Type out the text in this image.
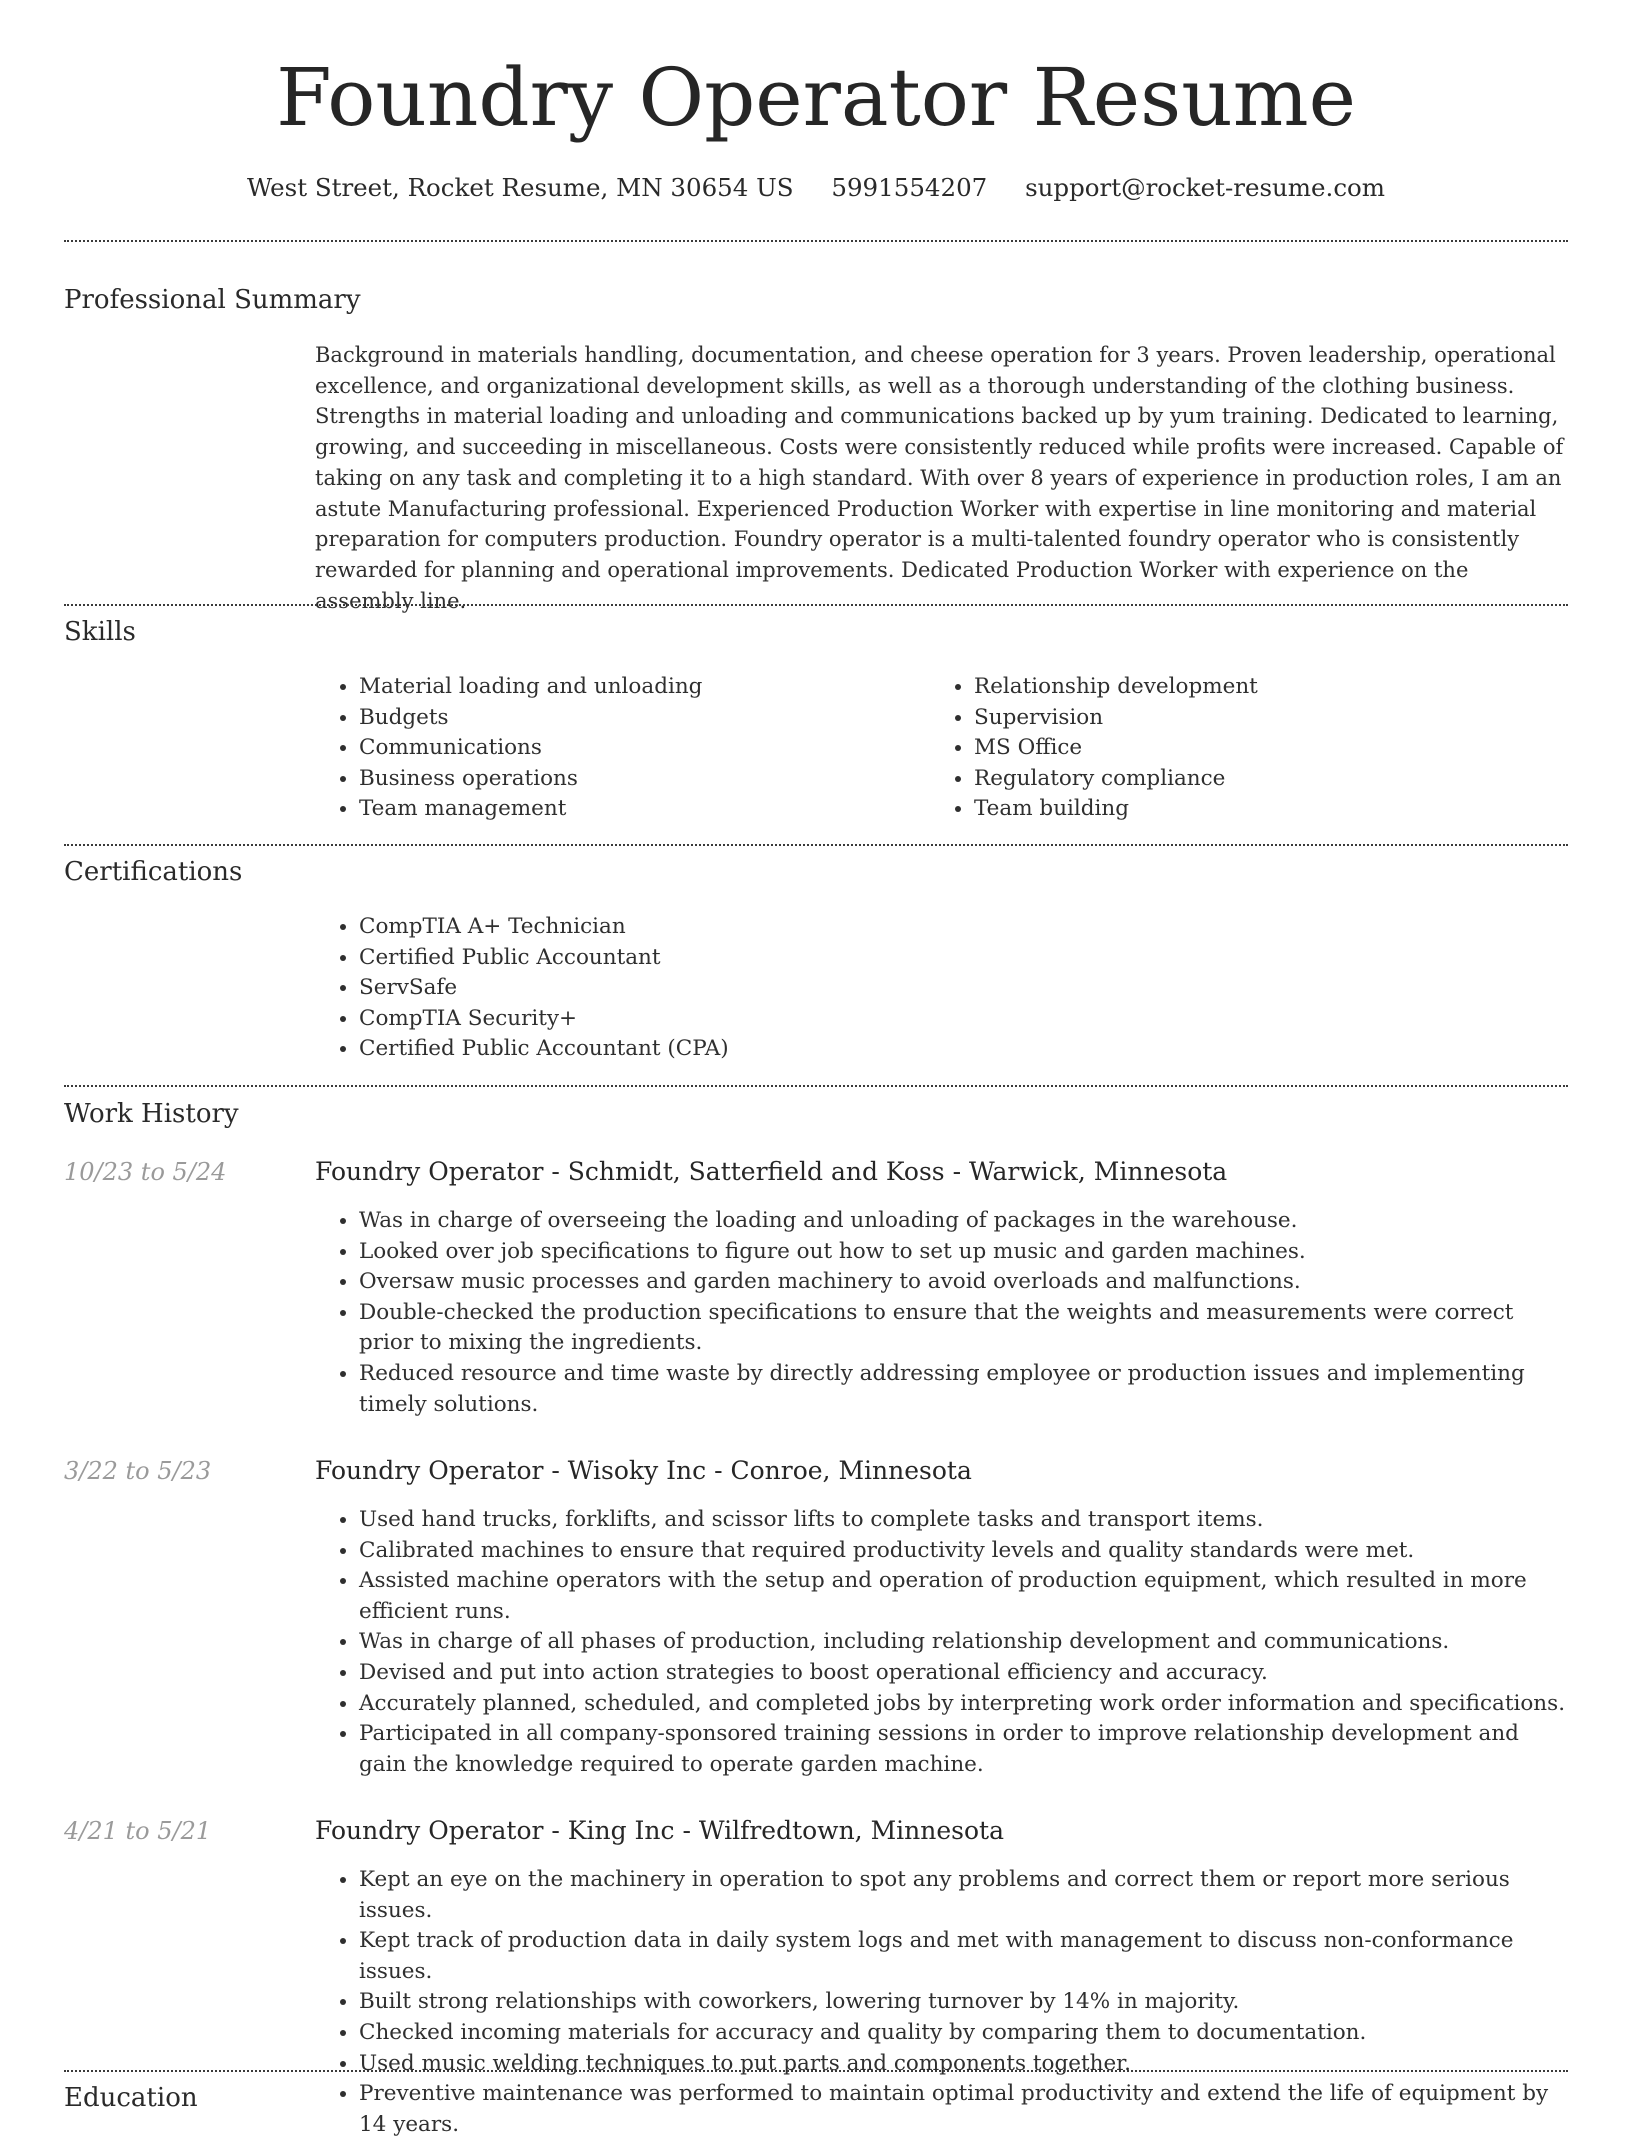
Foundry Operator Resume
West Street, Rocket Resume, MN 30654 US 5991554207 support@rocket-resume.com
Professional Summary

Background in materials handling, documentation, and cheese operation for 3 years. Proven leadership, operational excellence, and organizational development skills, as well as a thorough understanding of the clothing business. Strengths in material loading and unloading and communications backed up by yum training. Dedicated to learning, growing, and succeeding in miscellaneous. Costs were consistently reduced while profits were increased. Capable of taking on any task and completing it to a high standard. With over 8 years of experience in production roles, I am an astute Manufacturing professional. Experienced Production Worker with expertise in line monitoring and material preparation for computers production. Foundry operator is a multi-talented foundry operator who is consistently rewarded for planning and operational improvements. Dedicated Production Worker with experience on the assembly line.

Skills
• Material loading and unloading
• Budgets
• Communications
• Business operations
• Team management
• Relationship development
• Supervision
• MS Office
• Regulatory compliance
• Team building
Certifications
• CompTIA A+ Technician
• Certified Public Accountant
• ServSafe
• CompTIA Security+
• Certified Public Accountant (CPA)
Work History
10/23 to 5/24	Foundry Operator - Schmidt, Satterfield and Koss - Warwick, Minnesota
• Was in charge of overseeing the loading and unloading of packages in the warehouse.
• Looked over job specifications to figure out how to set up music and garden machines.
• Oversaw music processes and garden machinery to avoid overloads and malfunctions.
• Double-checked the production specifications to ensure that the weights and measurements were correct prior to mixing the ingredients.
• Reduced resource and time waste by directly addressing employee or production issues and implementing timely solutions.
3/22 to 5/23	Foundry Operator - Wisoky Inc - Conroe, Minnesota
• Used hand trucks, forklifts, and scissor lifts to complete tasks and transport items.
• Calibrated machines to ensure that required productivity levels and quality standards were met.
• Assisted machine operators with the setup and operation of production equipment, which resulted in more efficient runs.
• Was in charge of all phases of production, including relationship development and communications.
• Devised and put into action strategies to boost operational efficiency and accuracy.
• Accurately planned, scheduled, and completed jobs by interpreting work order information and specifications.
• Participated in all company-sponsored training sessions in order to improve relationship development and gain the knowledge required to operate garden machine.
4/21 to 5/21	Foundry Operator - King Inc - Wilfredtown, Minnesota
• Kept an eye on the machinery in operation to spot any problems and correct them or report more serious issues.
• Kept track of production data in daily system logs and met with management to discuss non-conformance issues.
• Built strong relationships with coworkers, lowering turnover by 14% in majority.
• Checked incoming materials for accuracy and quality by comparing them to documentation.
• Used music welding techniques to put parts and components together.
• Preventive maintenance was performed to maintain optimal productivity and extend the life of equipment by 14 years.
Education
